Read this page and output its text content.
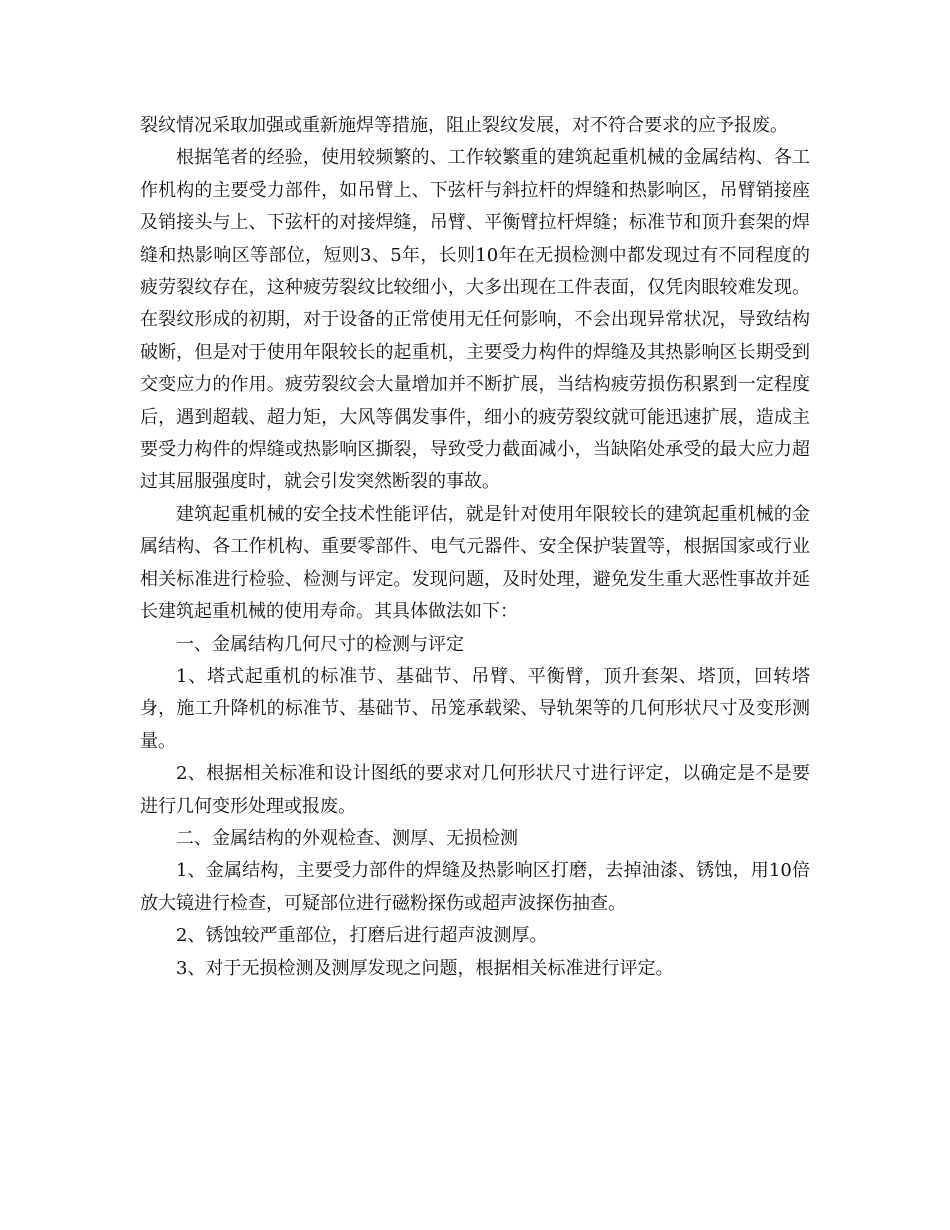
裂纹情况采取加强或重新施焊等措施，阻止裂纹发展，对不符合要求的应予报废。

根据笔者的经验，使用较频繁的、工作较繁重的建筑起重机械的金属结构、各工作机构的主要受力部件，如吊臂上、下弦杆与斜拉杆的焊缝和热影响区，吊臂销接座及销接头与上、下弦杆的对接焊缝，吊臂、平衡臂拉杆焊缝；标准节和顶升套架的焊缝和热影响区等部位，短则3、5年，长则10年在无损检测中都发现过有不同程度的疲劳裂纹存在，这种疲劳裂纹比较细小，大多出现在工件表面，仅凭肉眼较难发现。在裂纹形成的初期，对于设备的正常使用无任何影响，不会出现异常状况，导致结构破断，但是对于使用年限较长的起重机，主要受力构件的焊缝及其热影响区长期受到交变应力的作用。疲劳裂纹会大量增加并不断扩展，当结构疲劳损伤积累到一定程度后，遇到超载、超力矩，大风等偶发事件，细小的疲劳裂纹就可能迅速扩展，造成主要受力构件的焊缝或热影响区撕裂，导致受力截面减小，当缺陷处承受的最大应力超过其屈服强度时，就会引发突然断裂的事故。

建筑起重机械的安全技术性能评估，就是针对使用年限较长的建筑起重机械的金属结构、各工作机构、重要零部件、电气元器件、安全保护装置等，根据国家或行业相关标准进行检验、检测与评定。发现问题，及时处理，避免发生重大恶性事故并延长建筑起重机械的使用寿命。其具体做法如下：

一、金属结构几何尺寸的检测与评定

1、塔式起重机的标准节、基础节、吊臂、平衡臂，顶升套架、塔顶，回转塔身，施工升降机的标准节、基础节、吊笼承载梁、导轨架等的几何形状尺寸及变形测量。

2、根据相关标准和设计图纸的要求对几何形状尺寸进行评定，以确定是不是要进行几何变形处理或报废。

二、金属结构的外观检查、测厚、无损检测

1、金属结构，主要受力部件的焊缝及热影响区打磨，去掉油漆、锈蚀，用10倍放大镜进行检查，可疑部位进行磁粉探伤或超声波探伤抽查。

2、锈蚀较严重部位，打磨后进行超声波测厚。

3、对于无损检测及测厚发现之问题，根据相关标准进行评定。
